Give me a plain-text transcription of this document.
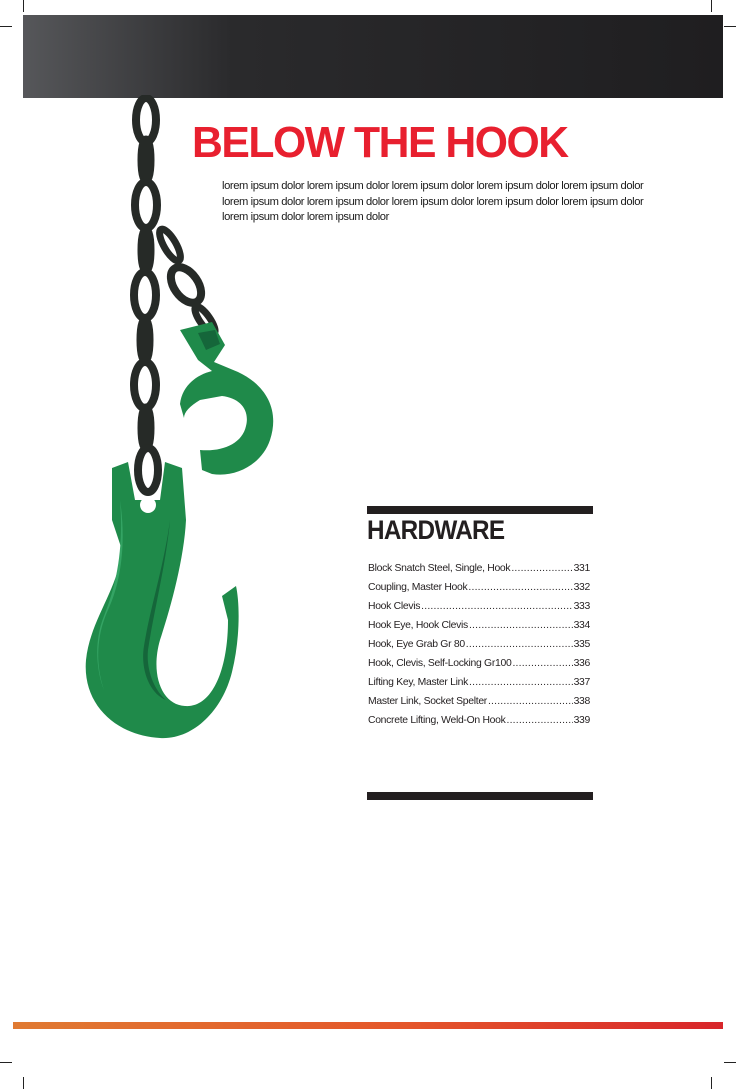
BELOW THE HOOK

lorem ipsum dolor lorem ipsum dolor lorem ipsum dolor lorem ipsum dolor lorem ipsum dolor lorem ipsum dolor lorem ipsum dolor lorem ipsum dolor lorem ipsum dolor lorem ipsum dolor lorem ipsum dolor lorem ipsum dolor

HARDWARE
Block Snatch Steel, Single, Hook .....	331
Coupling, Master Hook .....	332
Hook Clevis .....	333
Hook Eye, Hook Clevis .....	334
Hook, Eye Grab Gr 80 .....	335
Hook, Clevis, Self-Locking Gr100 .....	336
Lifting Key, Master Link .....	337
Master Link, Socket Spelter .....	338
Concrete Lifting, Weld-On Hook .....	339
